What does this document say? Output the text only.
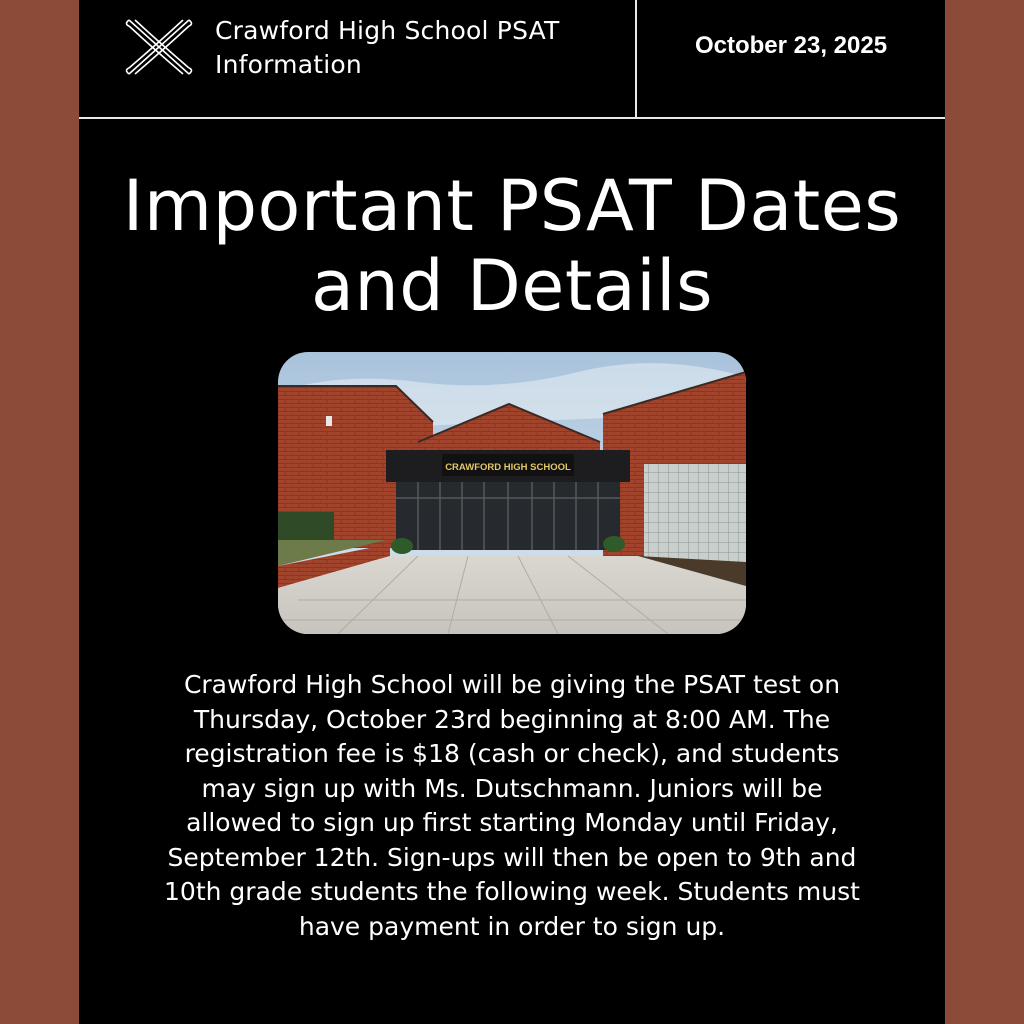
Crawford High School PSAT Information
October 23, 2025
Important PSAT Dates and Details
CRAWFORD HIGH SCHOOL

Crawford High School will be giving the PSAT test on Thursday, October 23rd beginning at 8:00 AM. The registration fee is $18 (cash or check), and students may sign up with Ms. Dutschmann. Juniors will be allowed to sign up first starting Monday until Friday, September 12th. Sign-ups will then be open to 9th and 10th grade students the following week. Students must have payment in order to sign up.
